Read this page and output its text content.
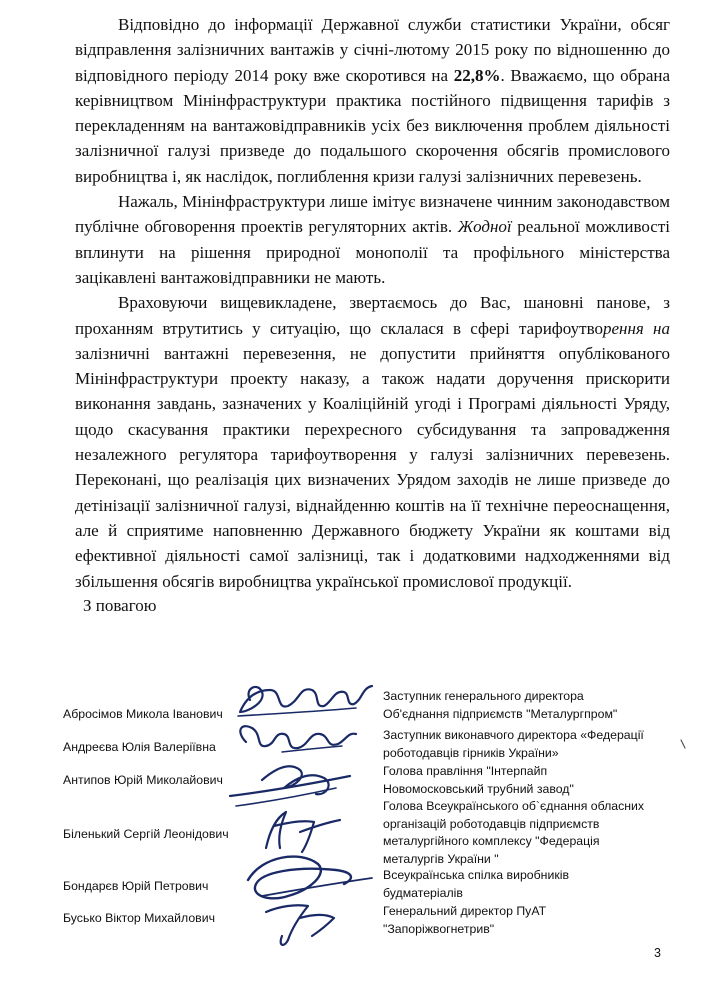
Відповідно до інформації Державної служби статистики України, обсяг відправлення залізничних вантажів у січні-лютому 2015 року по відношенню до відповідного періоду 2014 року вже скоротився на 22,8%. Вважаємо, що обрана керівництвом Мінінфраструктури практика постійного підвищення тарифів з перекладенням на вантажовідправників усіх без виключення проблем діяльності залізничної галузі призведе до подальшого скорочення обсягів промислового виробництва і, як наслідок, поглиблення кризи галузі залізничних перевезень.

Нажаль, Мінінфраструктури лише імітує визначене чинним законодавством публічне обговорення проектів регуляторних актів. Жодної реальної можливості вплинути на рішення природної монополії та профільного міністерства зацікавлені вантажовідправники не мають.

Враховуючи вищевикладене, звертаємось до Вас, шановні панове, з проханням втрутитись у ситуацію, що склалася в сфері тарифоутворення на залізничні вантажні перевезення, не допустити прийняття опублікованого Мінінфраструктури проекту наказу, а також надати доручення прискорити виконання завдань, зазначених у Коаліційній угоді і Програмі діяльності Уряду, щодо скасування практики перехресного субсидування та запровадження незалежного регулятора тарифоутворення у галузі залізничних перевезень. Переконані, що реалізація цих визначених Урядом заходів не лише призведе до детінізації залізничної галузі, віднайденню коштів на її технічне переоснащення, але й сприятиме наповненню Державного бюджету України як коштами від ефективної діяльності самої залізниці, так і додатковими надходженнями від збільшення обсягів виробництва української промислової продукції.

З повагою
Абросімов Микола Іванович
Заступник генерального директора
Об'єднання підприємств "Металургпром"
Андреєва Юлія Валеріївна
Заступник виконавчого директора «Федерації
роботодавців гірників України»
Антипов Юрій Миколайович
Голова правління "Інтерпайп
Новомосковський трубний завод"
Біленький Сергій Леонідович
Голова Всеукраїнського об`єднання обласних
організацій роботодавців підприємств
металургійного комплексу "Федерація
металургів України "
Бондарєв Юрій Петрович
Всеукраїнська спілка виробників
будматеріалів
Бусько Віктор Михайлович	Генеральний директор ПуАТ
"Запоріжвогнетрив"
3
